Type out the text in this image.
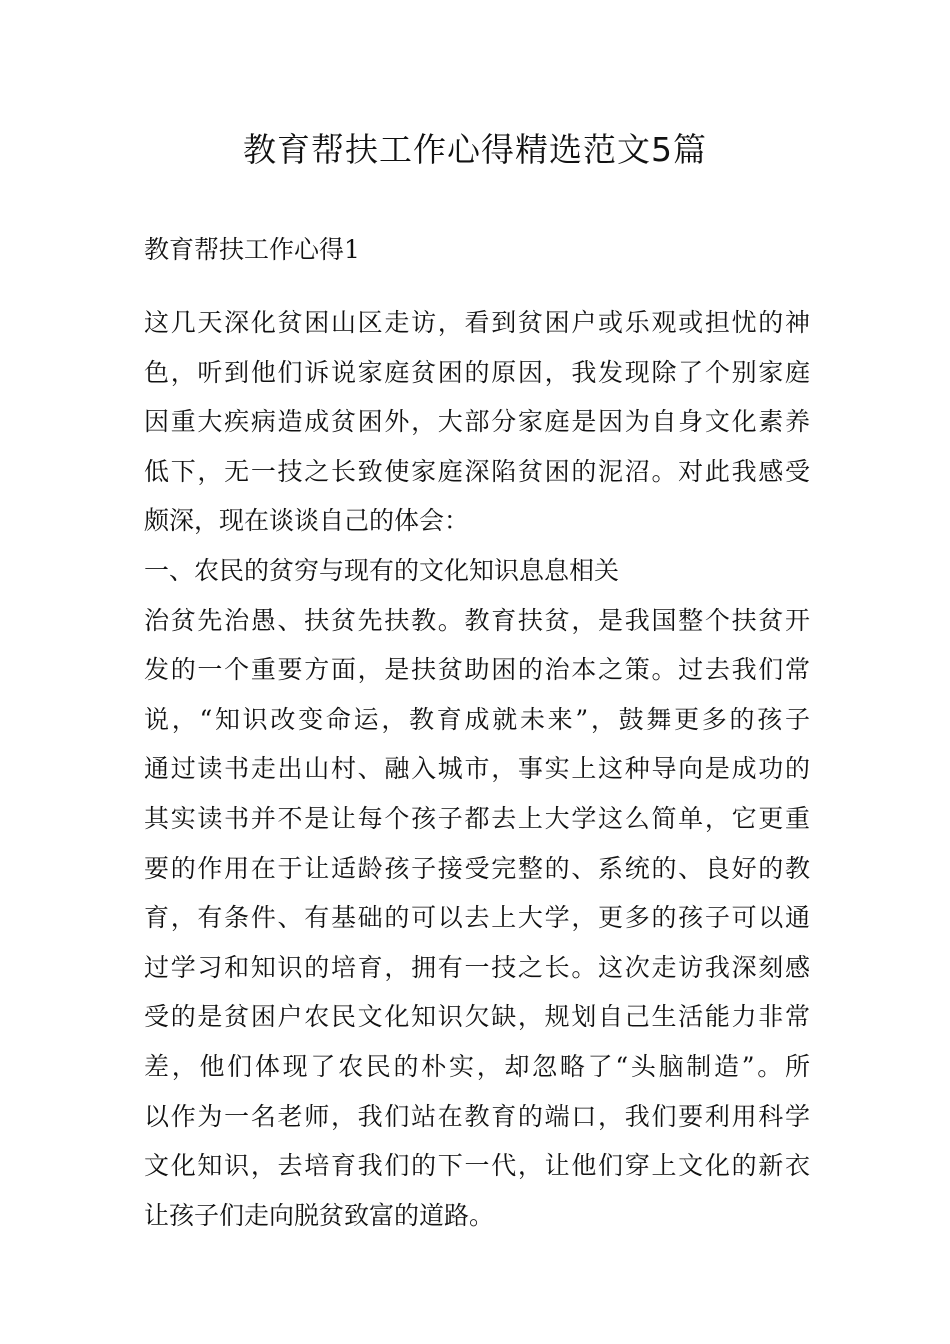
教育帮扶工作心得精选范文5篇
教育帮扶工作心得1
这几天深化贫困山区走访，看到贫困户或乐观或担忧的神
色，听到他们诉说家庭贫困的原因，我发现除了个别家庭
因重大疾病造成贫困外，大部分家庭是因为自身文化素养
低下，无一技之长致使家庭深陷贫困的泥沼。对此我感受
颇深，现在谈谈自己的体会：
一、农民的贫穷与现有的文化知识息息相关
治贫先治愚、扶贫先扶教。教育扶贫，是我国整个扶贫开
发的一个重要方面，是扶贫助困的治本之策。过去我们常
说，“知识改变命运，教育成就未来”，鼓舞更多的孩子
通过读书走出山村、融入城市，事实上这种导向是成功的
其实读书并不是让每个孩子都去上大学这么简单，它更重
要的作用在于让适龄孩子接受完整的、系统的、良好的教
育，有条件、有基础的可以去上大学，更多的孩子可以通
过学习和知识的培育，拥有一技之长。这次走访我深刻感
受的是贫困户农民文化知识欠缺，规划自己生活能力非常
差，他们体现了农民的朴实，却忽略了“头脑制造”。所
以作为一名老师，我们站在教育的端口，我们要利用科学
文化知识，去培育我们的下一代，让他们穿上文化的新衣
让孩子们走向脱贫致富的道路。
